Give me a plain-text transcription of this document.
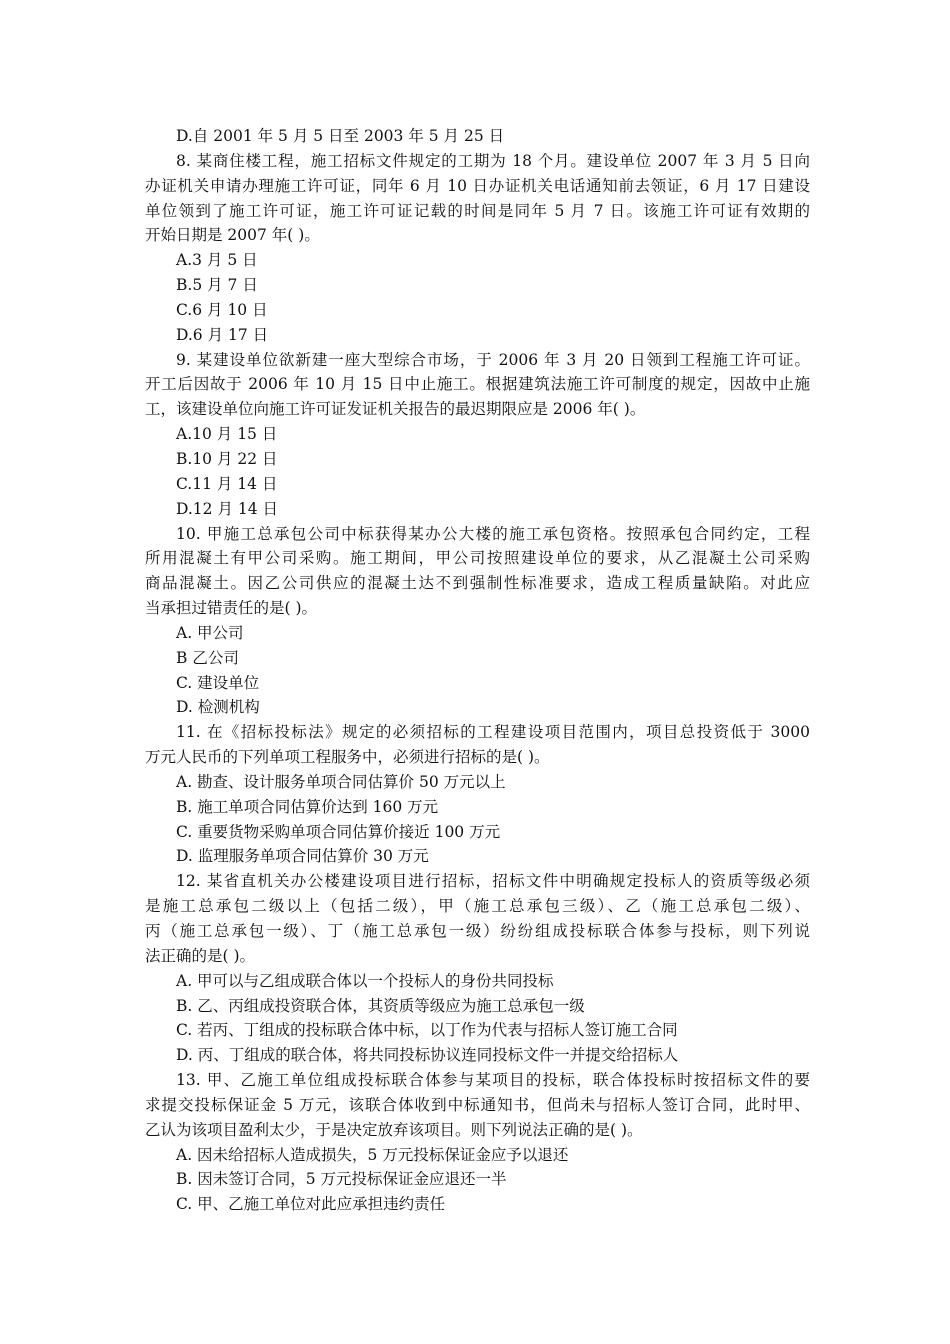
D.自 2001 年 5 月 5 日至 2003 年 5 月 25 日
8. 某商住楼工程，施工招标文件规定的工期为 18 个月。建设单位 2007 年 3 月 5 日向
办证机关申请办理施工许可证，同年 6 月 10 日办证机关电话通知前去领证，6 月 17 日建设
单位领到了施工许可证，施工许可证记载的时间是同年 5 月 7 日。该施工许可证有效期的
开始日期是 2007 年( )。
A.3 月 5 日
B.5 月 7 日
C.6 月 10 日
D.6 月 17 日
9. 某建设单位欲新建一座大型综合市场，于 2006 年 3 月 20 日领到工程施工许可证。
开工后因故于 2006 年 10 月 15 日中止施工。根据建筑法施工许可制度的规定，因故中止施
工，该建设单位向施工许可证发证机关报告的最迟期限应是 2006 年( )。
A.10 月 15 日
B.10 月 22 日
C.11 月 14 日
D.12 月 14 日
10. 甲施工总承包公司中标获得某办公大楼的施工承包资格。按照承包合同约定，工程
所用混凝土有甲公司采购。施工期间，甲公司按照建设单位的要求，从乙混凝土公司采购
商品混凝土。因乙公司供应的混凝土达不到强制性标准要求，造成工程质量缺陷。对此应
当承担过错责任的是( )。
A. 甲公司
B 乙公司
C. 建设单位
D. 检测机构
11. 在《招标投标法》规定的必须招标的工程建设项目范围内，项目总投资低于 3000
万元人民币的下列单项工程服务中，必须进行招标的是( )。
A. 勘查、设计服务单项合同估算价 50 万元以上
B. 施工单项合同估算价达到 160 万元
C. 重要货物采购单项合同估算价接近 100 万元
D. 监理服务单项合同估算价 30 万元
12. 某省直机关办公楼建设项目进行招标，招标文件中明确规定投标人的资质等级必须
是施工总承包二级以上（包括二级），甲（施工总承包三级）、乙（施工总承包二级）、
丙（施工总承包一级）、丁（施工总承包一级）纷纷组成投标联合体参与投标，则下列说
法正确的是( )。
A. 甲可以与乙组成联合体以一个投标人的身份共同投标
B. 乙、丙组成投资联合体，其资质等级应为施工总承包一级
C. 若丙、丁组成的投标联合体中标，以丁作为代表与招标人签订施工合同
D. 丙、丁组成的联合体，将共同投标协议连同投标文件一并提交给招标人
13. 甲、乙施工单位组成投标联合体参与某项目的投标，联合体投标时按招标文件的要
求提交投标保证金 5 万元，该联合体收到中标通知书，但尚未与招标人签订合同，此时甲、
乙认为该项目盈利太少，于是决定放弃该项目。则下列说法正确的是( )。
A. 因未给招标人造成损失，5 万元投标保证金应予以退还
B. 因未签订合同，5 万元投标保证金应退还一半
C. 甲、乙施工单位对此应承担违约责任
